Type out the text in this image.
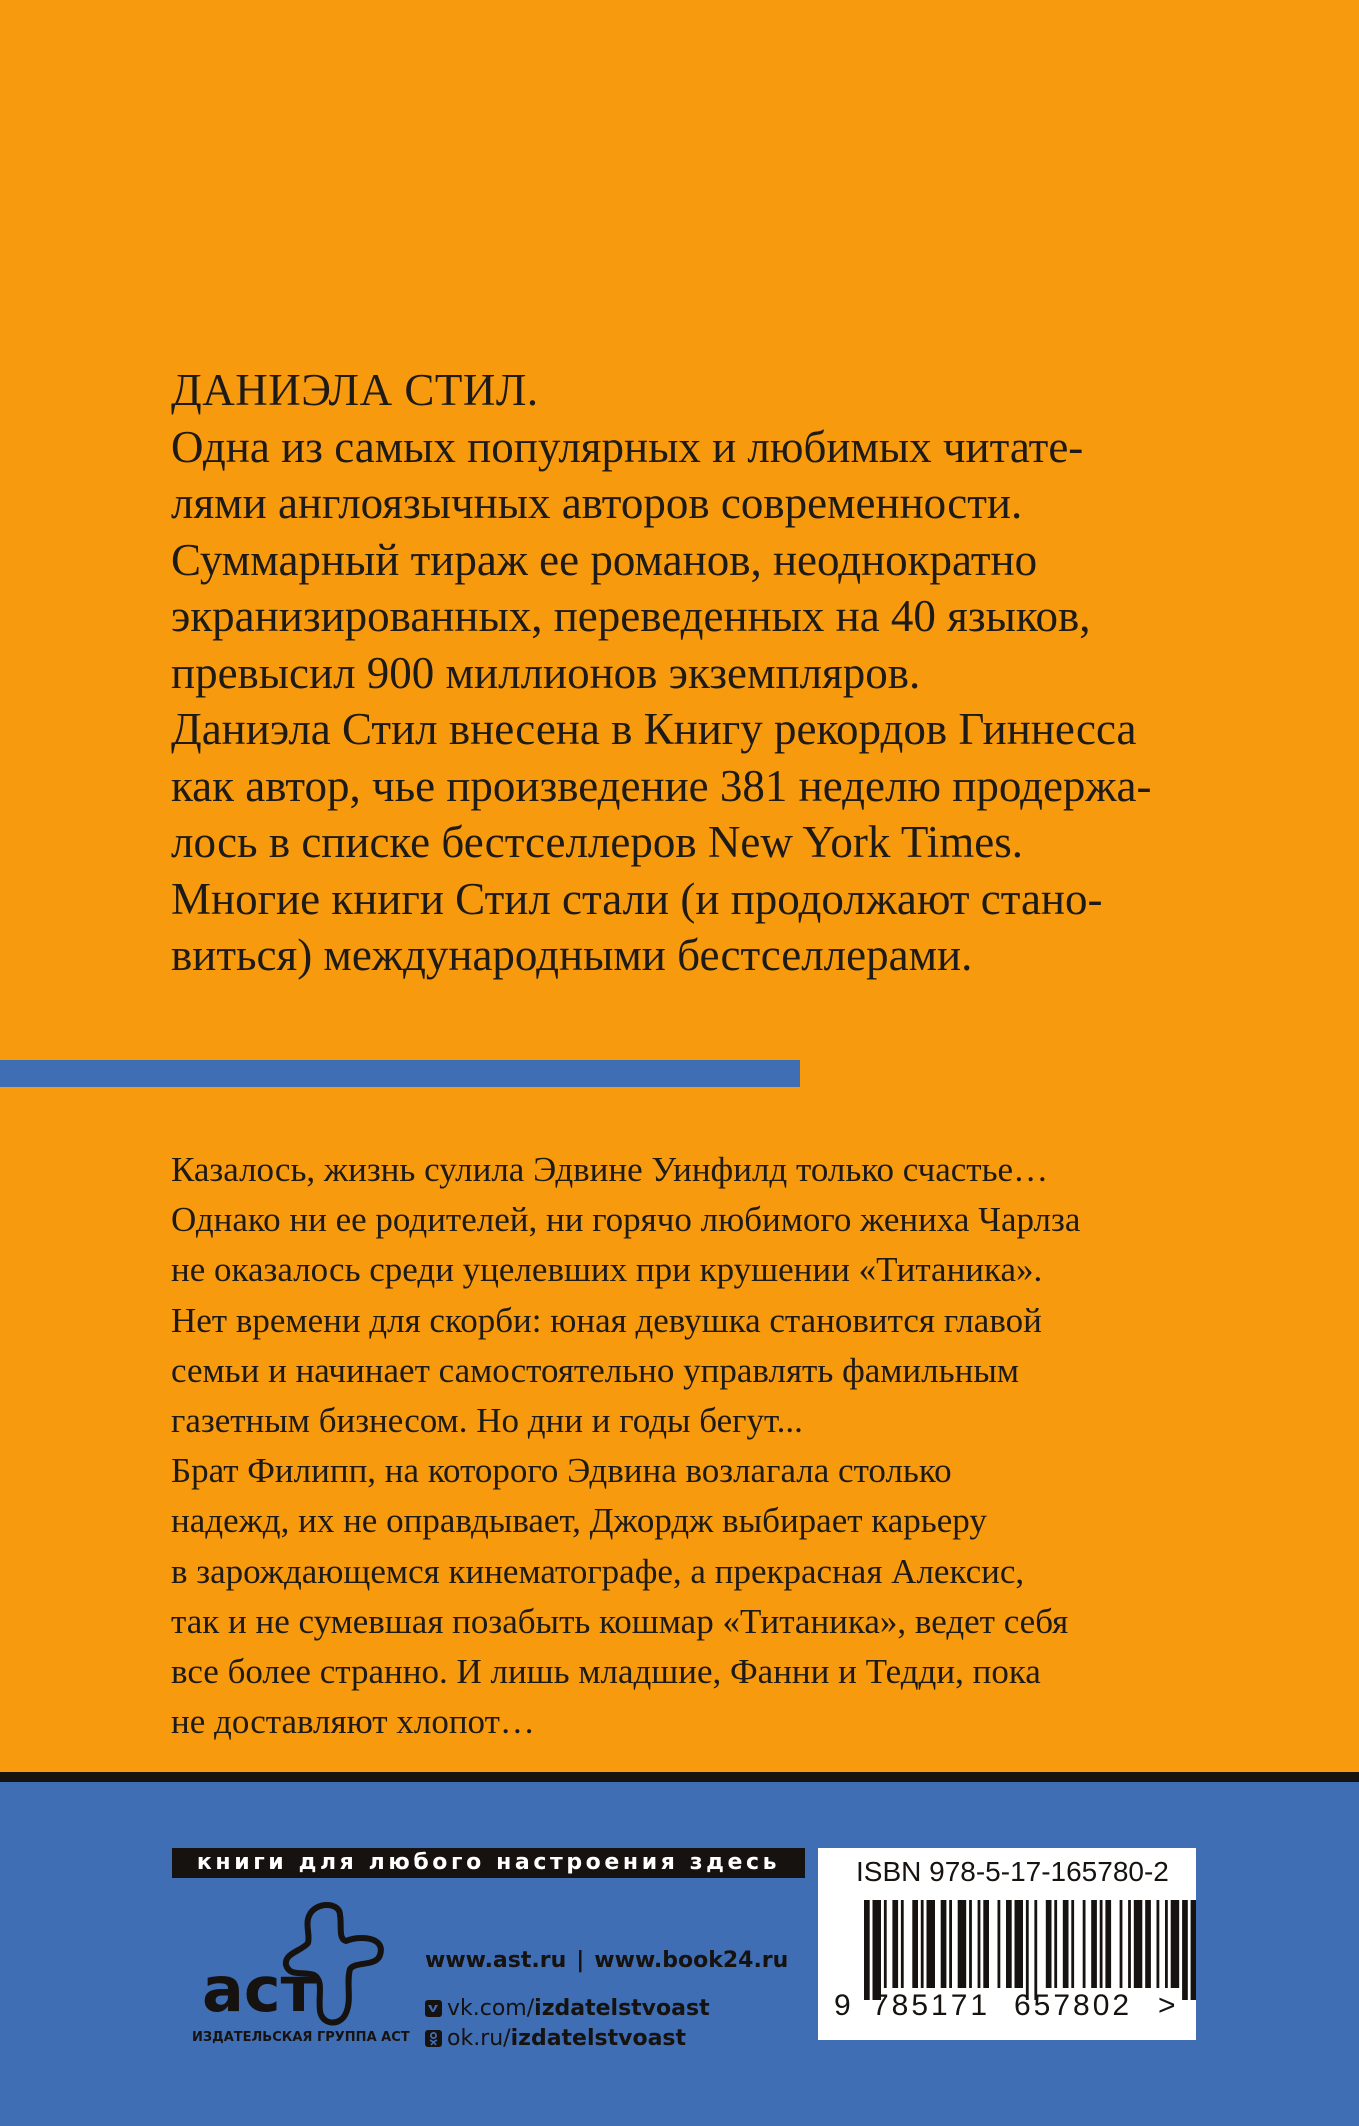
ДАНИЭЛА СТИЛ.

Одна из самых популярных и любимых читате-

лями англоязычных авторов современности.

Суммарный тираж ее романов, неоднократно

экранизированных, переведенных на 40 языков,

превысил 900 миллионов экземпляров.

Даниэла Стил внесена в Книгу рекордов Гиннесса

как автор, чье произведение 381 неделю продержа-

лось в списке бестселлеров New York Times.

Многие книги Стил стали (и продолжают стано-

виться) международными бестселлерами.

Казалось, жизнь сулила Эдвине Уинфилд только счастье…

Однако ни ее родителей, ни горячо любимого жениха Чарлза

не оказалось среди уцелевших при крушении «Титаника».

Нет времени для скорби: юная девушка становится главой

семьи и начинает самостоятельно управлять фамильным

газетным бизнесом. Но дни и годы бегут...

Брат Филипп, на которого Эдвина возлагала столько

надежд, их не оправдывает, Джордж выбирает карьеру

в зарождающемся кинематографе, а прекрасная Алексис,

так и не сумевшая позабыть кошмар «Титаника», ведет себя

все более странно. И лишь младшие, Фанни и Тедди, пока

не доставляют хлопот…

книги для любого настроения здесь
аст
ИЗДАТЕЛЬСКАЯ ГРУППА АСТ
www.ast.ru | www.book24.ru
vk.com/ izdatelstvoast
ok.ru/ izdatelstvoast
ISBN 978-5-17-165780-2
9 785171 657802 >
